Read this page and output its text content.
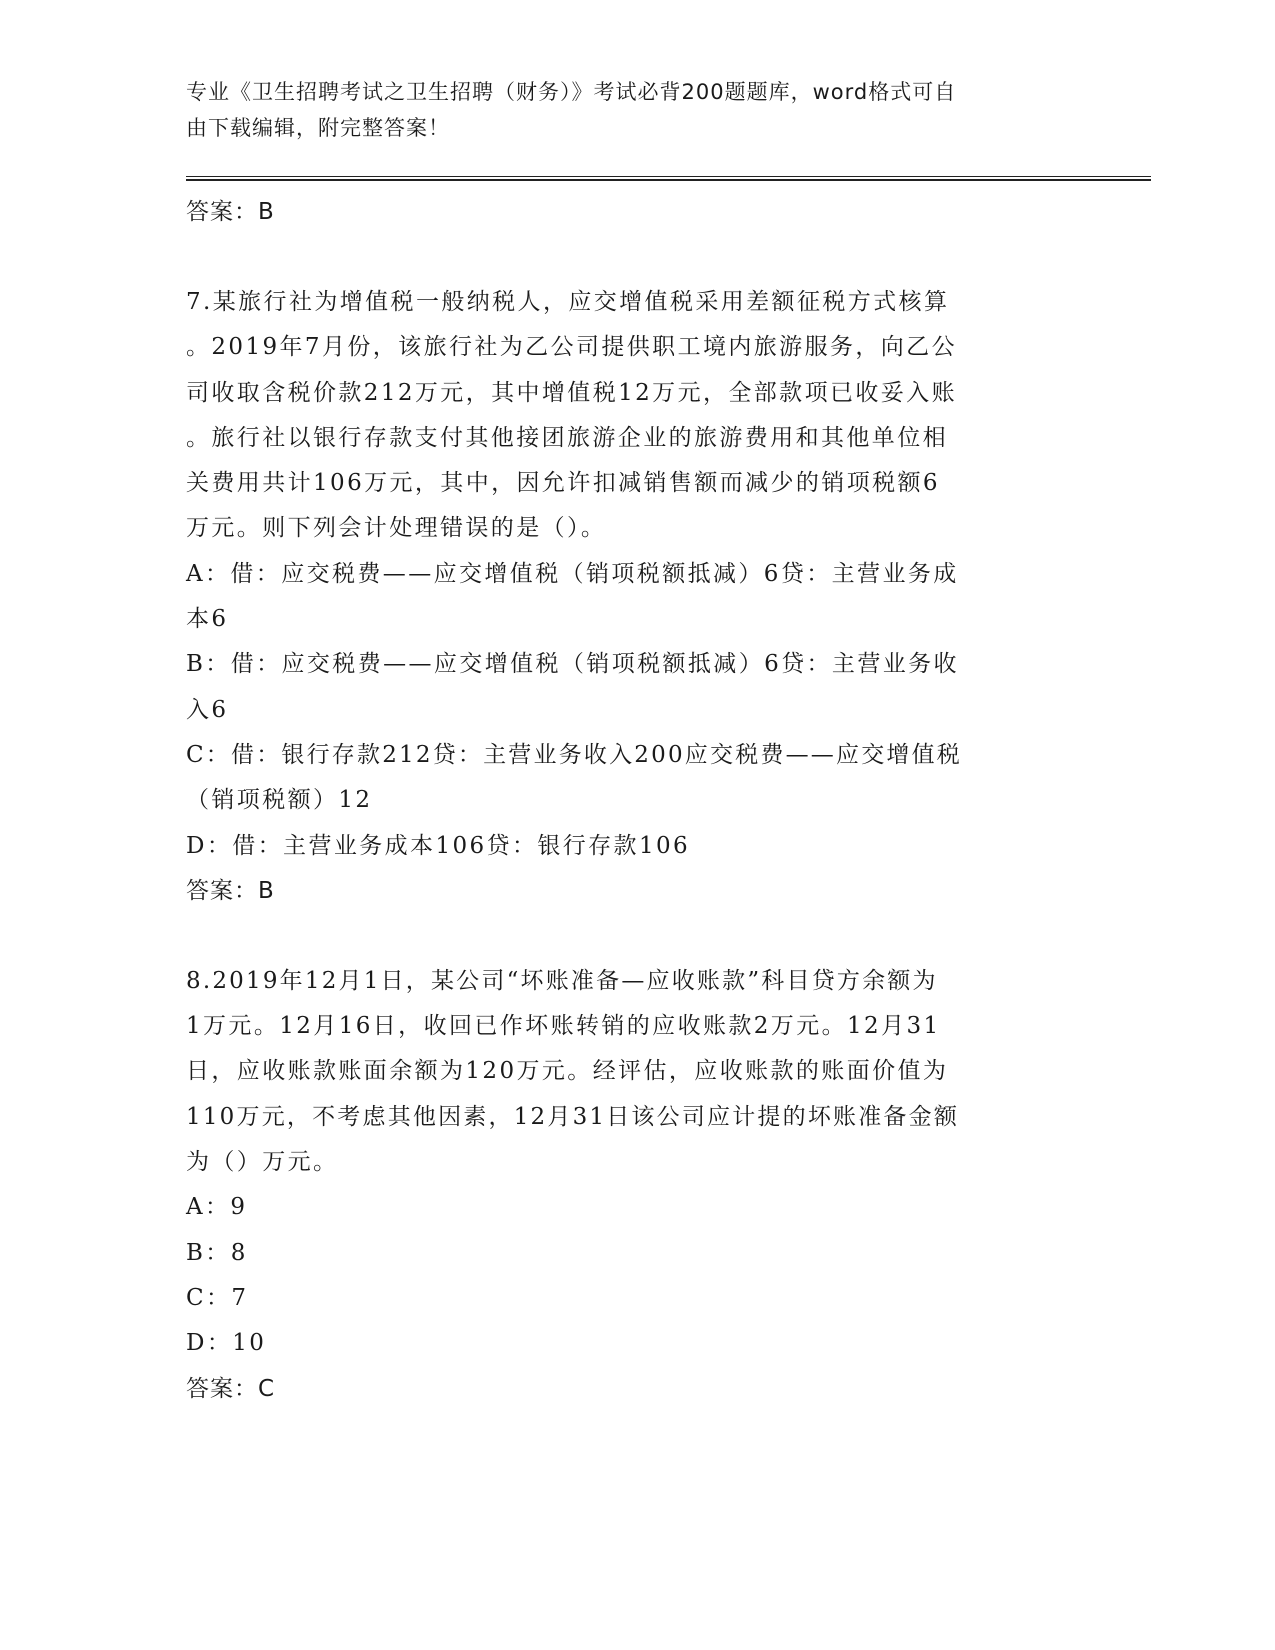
专业《卫生招聘考试之卫生招聘（财务）》考试必背200题题库，word格式可自
由下载编辑，附完整答案！
答案：B
7.某旅行社为增值税一般纳税人，应交增值税采用差额征税方式核算
。2019年7月份，该旅行社为乙公司提供职工境内旅游服务，向乙公
司收取含税价款212万元，其中增值税12万元，全部款项已收妥入账
。旅行社以银行存款支付其他接团旅游企业的旅游费用和其他单位相
关费用共计106万元，其中，因允许扣减销售额而减少的销项税额6
万元。则下列会计处理错误的是（）。
A：借：应交税费——应交增值税（销项税额抵减）6贷：主营业务成
本6
B：借：应交税费——应交增值税（销项税额抵减）6贷：主营业务收
入6
C：借：银行存款212贷：主营业务收入200应交税费——应交增值税
（销项税额）12
D：借：主营业务成本106贷：银行存款106
答案：B
8.2019年12月1日，某公司“坏账准备—应收账款”科目贷方余额为
1万元。12月16日，收回已作坏账转销的应收账款2万元。12月31
日，应收账款账面余额为120万元。经评估，应收账款的账面价值为
110万元，不考虑其他因素，12月31日该公司应计提的坏账准备金额
为（）万元。
A：9
B：8
C：7
D：10
答案：C
